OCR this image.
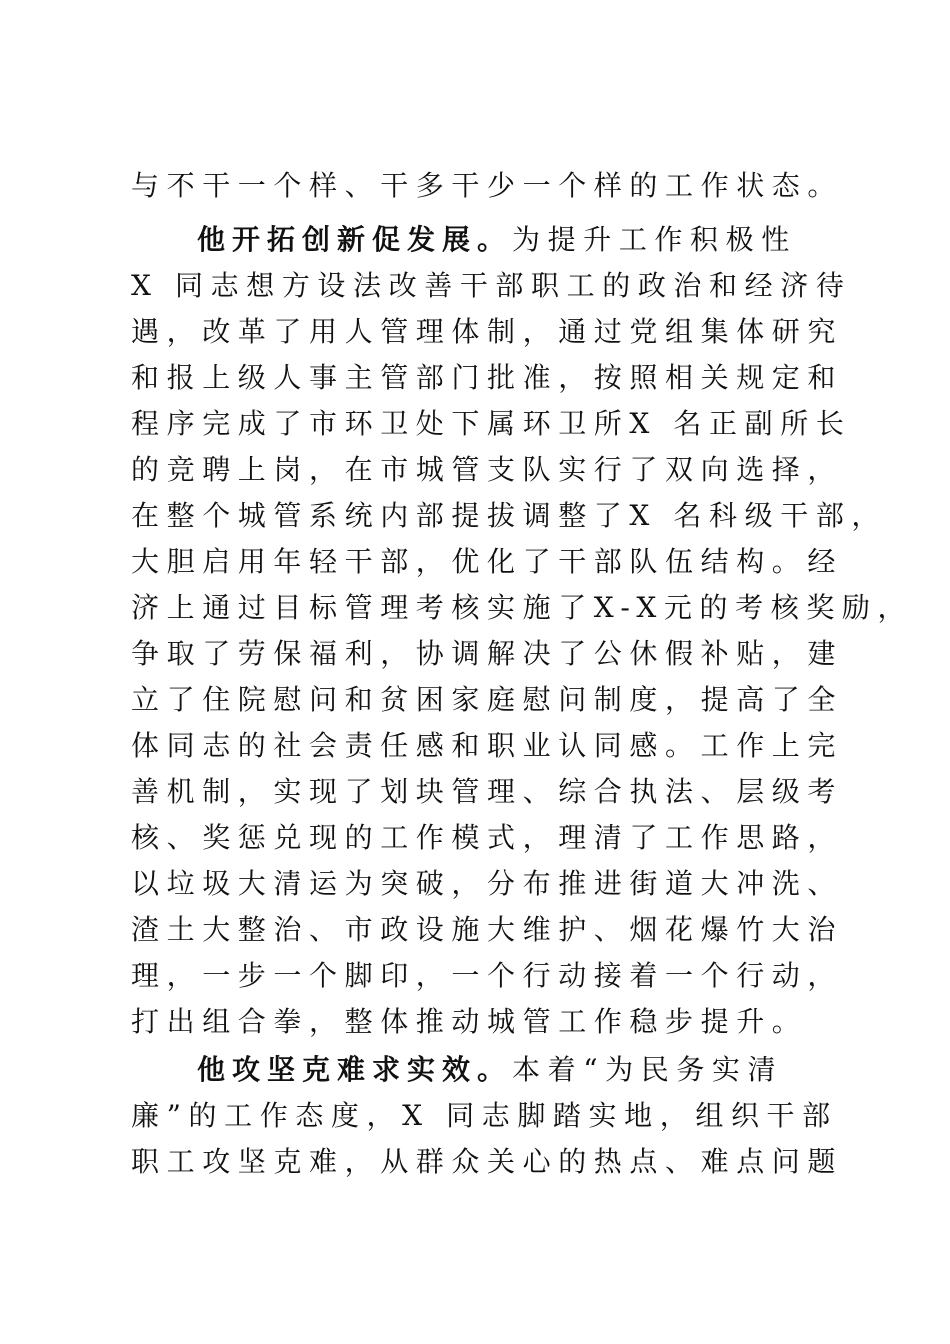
与不干一个样、干多干少一个样的工作状态。
他开拓创新促发展。为提升工作积极性
X 同志想方设法改善干部职工的政治和经济待
遇，改革了用人管理体制，通过党组集体研究
和报上级人事主管部门批准，按照相关规定和
程序完成了市环卫处下属环卫所X 名正副所长
的竞聘上岗，在市城管支队实行了双向选择，
在整个城管系统内部提拔调整了X 名科级干部，
大胆启用年轻干部，优化了干部队伍结构。经
济上通过目标管理考核实施了X-X元的考核奖励，
争取了劳保福利，协调解决了公休假补贴，建
立了住院慰问和贫困家庭慰问制度，提高了全
体同志的社会责任感和职业认同感。工作上完
善机制，实现了划块管理、综合执法、层级考
核、奖惩兑现的工作模式，理清了工作思路，
以垃圾大清运为突破，分布推进街道大冲洗、
渣土大整治、市政设施大维护、烟花爆竹大治
理，一步一个脚印，一个行动接着一个行动，
打出组合拳，整体推动城管工作稳步提升。
他攻坚克难求实效。本着“为民务实清
廉”的工作态度，X 同志脚踏实地，组织干部
职工攻坚克难，从群众关心的热点、难点问题
